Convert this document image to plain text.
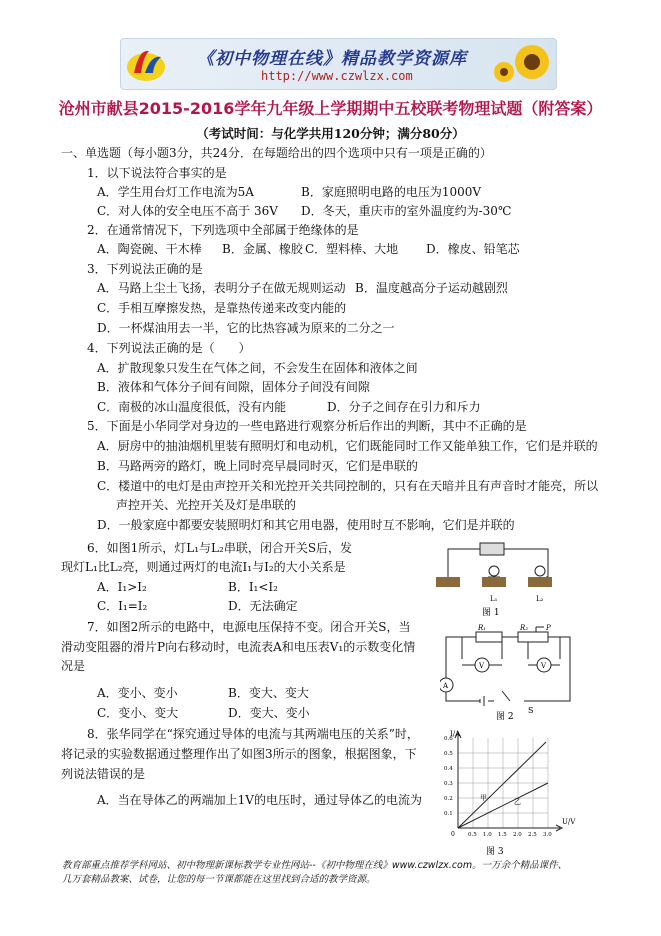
《初中物理在线》精品教学资源库
http://www.czwlzx.com
沧州市献县2015-2016学年九年级上学期期中五校联考物理试题（附答案）
（考试时间：与化学共用120分钟；满分80分）
一、单选题（每小题3分，共24分．在每题给出的四个选项中只有一项是正确的）
1．以下说法符合事实的是
A．学生用台灯工作电流为5A	B．家庭照明电路的电压为1000V
C．对人体的安全电压不高于 36V D．冬天，重庆市的室外温度约为-30℃
2．在通常情况下，下列选项中全部属于绝缘体的是
A．陶瓷碗、干木棒 B．金属、橡胶 C．塑料棒、大地 D．橡皮、铅笔芯
3．下列说法正确的是
A．马路上尘土飞扬，表明分子在做无规则运动 B．温度越高分子运动越剧烈
C．手相互摩擦发热，是靠热传递来改变内能的
D．一杯煤油用去一半，它的比热容减为原来的二分之一
4．下列说法正确的是（　　）
A．扩散现象只发生在气体之间，不会发生在固体和液体之间
B．液体和气体分子间有间隙，固体分子间没有间隙
C．南极的冰山温度很低，没有内能	D．分子之间存在引力和斥力
5．下面是小华同学对身边的一些电路进行观察分析后作出的判断，其中不正确的是
A．厨房中的抽油烟机里装有照明灯和电动机，它们既能同时工作又能单独工作，它们是并联的
B．马路两旁的路灯，晚上同时亮早晨同时灭，它们是串联的
C．楼道中的电灯是由声控开关和光控开关共同控制的，只有在天暗并且有声音时才能亮，所以
声控开关、光控开关及灯是串联的
D．一般家庭中都要安装照明灯和其它用电器，使用时互不影响，它们是并联的
6．如图1所示，灯L₁与L₂串联，闭合开关S后，发
现灯L₁比L₂亮，则通过两灯的电流I₁与I₂的大小关系是
A．I₁>I₂	B．I₁<I₂
C．I₁=I₂	D．无法确定
7．如图2所示的电路中，电源电压保持不变。闭合开关S，当
滑动变阻器的滑片P向右移动时，电流表A和电压表V₁的示数变化情
况是
A．变小、变小	B．变大、变大
C．变小、变大	D．变大、变小
8．张华同学在“探究通过导体的电流与其两端电压的关系”时，
将记录的实验数据通过整理作出了如图3所示的图象，根据图象，下
列说法错误的是
A．当在导体乙的两端加上1V的电压时，通过导体乙的电流为
L₁	L₂
图 1
R₁	R₂	P
V	V
A
S
图 2
I/A
U/V
0
0.6
0.5
0.4
0.3
0.2
0.1
0.5 1.0 1.5 2.0 2.5 3.0
甲	乙
图 3
教育部重点推荐学科网站、初中物理新课标教学专业性网站--《初中物理在线》www.czwlzx.com。一万余个精品课件、
几万套精品教案、试卷，让您的每一节课都能在这里找到合适的教学资源。
